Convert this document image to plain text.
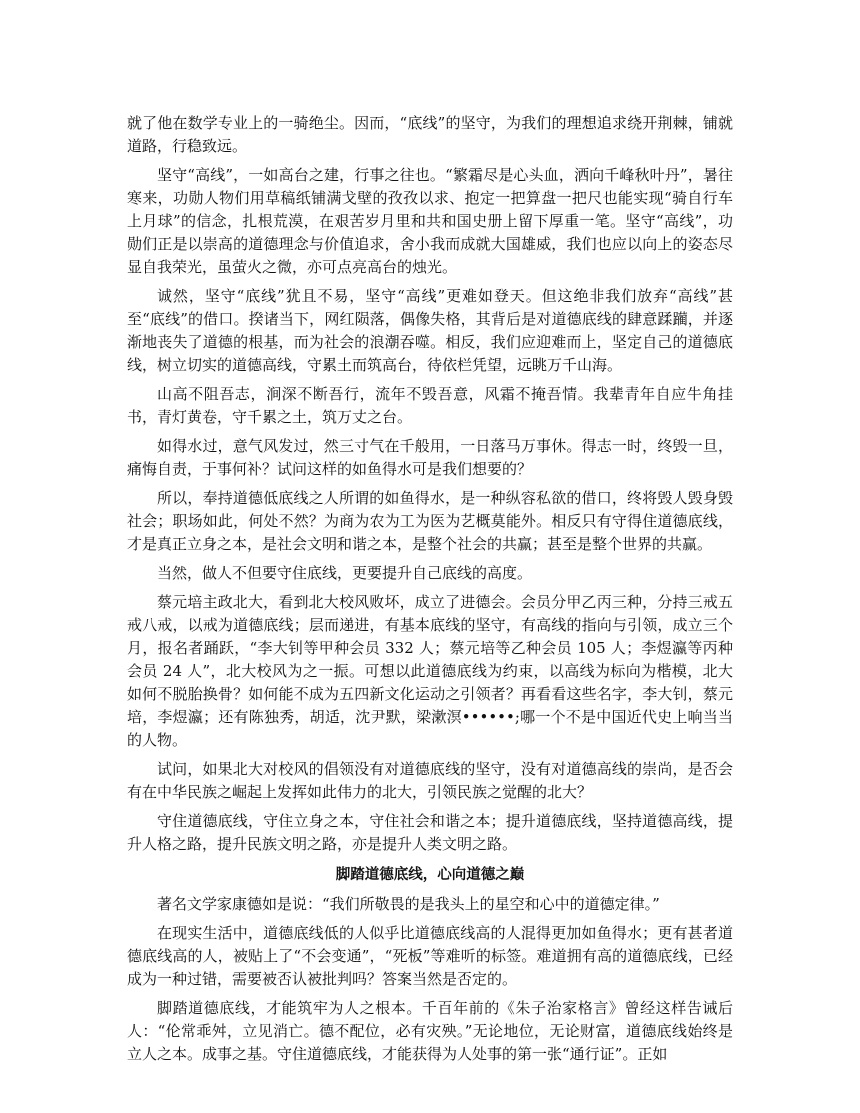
就了他在数学专业上的一骑绝尘。因而，“底线”的坚守，为我们的理想追求绕开荆棘，铺就道路，行稳致远。

坚守“高线”，一如高台之建，行事之往也。“繁霜尽是心头血，洒向千峰秋叶丹”，暑往寒来，功勋人物们用草稿纸铺满戈壁的孜孜以求、抱定一把算盘一把尺也能实现“骑自行车上月球”的信念，扎根荒漠，在艰苦岁月里和共和国史册上留下厚重一笔。坚守“高线”，功勋们正是以崇高的道德理念与价值追求，舍小我而成就大国雄威，我们也应以向上的姿态尽显自我荣光，虽萤火之微，亦可点亮高台的烛光。

诚然，坚守“底线”犹且不易，坚守“高线”更难如登天。但这绝非我们放弃“高线”甚至“底线”的借口。揆诸当下，网红陨落，偶像失格，其背后是对道德底线的肆意蹂躏，并逐渐地丧失了道德的根基，而为社会的浪潮吞噬。相反，我们应迎难而上，坚定自己的道德底线，树立切实的道德高线，守累土而筑高台，待依栏凭望，远眺万千山海。

山高不阻吾志，涧深不断吾行，流年不毁吾意，风霜不掩吾情。我辈青年自应牛角挂书，青灯黄卷，守千累之土，筑万丈之台。

如得水过，意气风发过，然三寸气在千般用，一日落马万事休。得志一时，终毁一旦，痛悔自责，于事何补？试问这样的如鱼得水可是我们想要的？

所以，奉持道德低底线之人所谓的如鱼得水，是一种纵容私欲的借口，终将毁人毁身毁社会；职场如此，何处不然？为商为农为工为医为艺概莫能外。相反只有守得住道德底线，才是真正立身之本，是社会文明和谐之本，是整个社会的共赢；甚至是整个世界的共赢。

当然，做人不但要守住底线，更要提升自己底线的高度。

蔡元培主政北大，看到北大校风败坏，成立了进德会。会员分甲乙丙三种，分持三戒五戒八戒，以戒为道德底线；层而递进，有基本底线的坚守，有高线的指向与引领，成立三个月，报名者踊跃，“李大钊等甲种会员 332 人；蔡元培等乙种会员 105 人；李煜瀛等丙种会员 24 人”，北大校风为之一振。可想以此道德底线为约束，以高线为标向为楷模，北大如何不脱胎换骨？如何能不成为五四新文化运动之引领者？再看看这些名字，李大钊，蔡元培，李煜瀛；还有陈独秀，胡适，沈尹默，梁漱溟••••••;哪一个不是中国近代史上响当当的人物。

试问，如果北大对校风的倡领没有对道德底线的坚守，没有对道德高线的崇尚，是否会有在中华民族之崛起上发挥如此伟力的北大，引领民族之觉醒的北大？

守住道德底线，守住立身之本，守住社会和谐之本；提升道德底线，坚持道德高线，提升人格之路，提升民族文明之路，亦是提升人类文明之路。

脚踏道德底线，心向道德之巅

著名文学家康德如是说：“我们所敬畏的是我头上的星空和心中的道德定律。”

在现实生活中，道德底线低的人似乎比道德底线高的人混得更加如鱼得水；更有甚者道德底线高的人，被贴上了“不会变通”，“死板”等难听的标签。难道拥有高的道德底线，已经成为一种过错，需要被否认被批判吗？答案当然是否定的。

脚踏道德底线，才能筑牢为人之根本。千百年前的《朱子治家格言》曾经这样告诫后人：“伦常乖舛，立见消亡。德不配位，必有灾殃。”无论地位，无论财富，道德底线始终是立人之本。成事之基。守住道德底线，才能获得为人处事的第一张“通行证”。正如
